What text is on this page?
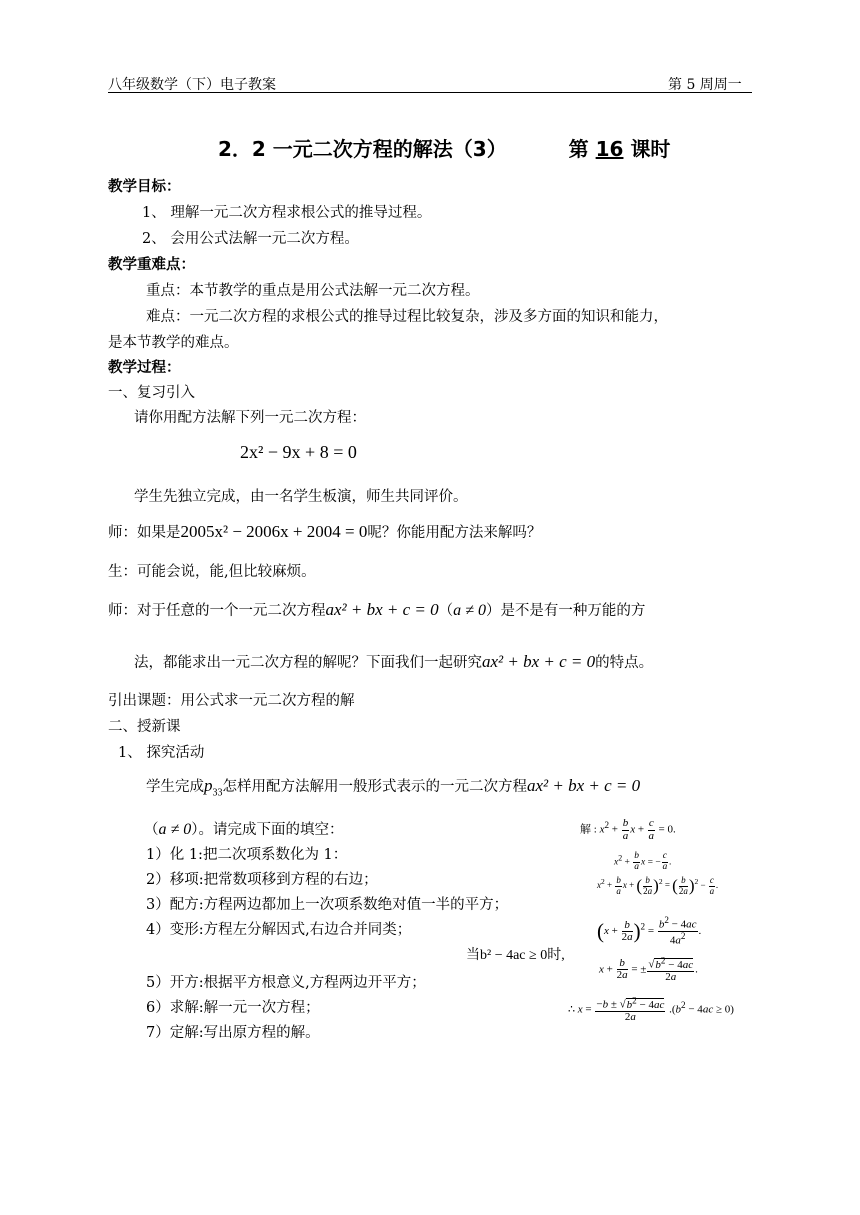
八年级数学（下）电子教案	第 5 周周一
2．2 一元二次方程的解法（3）	第 16 课时
教学目标：
1、 理解一元二次方程求根公式的推导过程。
2、 会用公式法解一元二次方程。
教学重难点：
重点：本节教学的重点是用公式法解一元二次方程。
难点：一元二次方程的求根公式的推导过程比较复杂，涉及多方面的知识和能力，
是本节教学的难点。
教学过程：
一、复习引入
请你用配方法解下列一元二次方程：
2x² − 9x + 8 = 0
学生先独立完成，由一名学生板演，师生共同评价。
师：如果是2005x² − 2006x + 2004 = 0呢？你能用配方法来解吗？
生：可能会说，能,但比较麻烦。
师：对于任意的一个一元二次方程ax² + bx + c = 0（a ≠ 0）是不是有一种万能的方
法，都能求出一元二次方程的解呢？下面我们一起研究ax² + bx + c = 0的特点。
引出课题：用公式求一元二次方程的解
二、授新课
1、 探究活动
学生完成$p_{33}$怎样用配方法解用一般形式表示的一元二次方程ax² + bx + c = 0
（a ≠ 0）。请完成下面的填空：
1）化 1:把二次项系数化为 1：
2）移项:把常数项移到方程的右边；
3）配方:方程两边都加上一次项系数绝对值一半的平方；
4）变形:方程左分解因式,右边合并同类；
当b² − 4ac ≥ 0时,
5）开方:根据平方根意义,方程两边开平方；
6）求解:解一元一次方程；
7）定解:写出原方程的解。
解 : $x^2 + \frac{b}{a}$ $x + \frac{c}{a} = 0$.
$x^2 + \frac{b}{a}$ x = − $\frac{c}{a}$ .
$x^2 + \frac{b}{a}$ x + ( $\frac{b}{2a} )^2$ = ( $\frac{b}{2a} )^2 - \frac{c}{a}$ .
$(x + \frac{b}{2a} )^2 = \frac{b^2 - 4ac}{4a^2}$ .
$x + \frac{b}{2a}$ = ± $\frac{√b^2 - 4ac}{2a}$ .
∴ $x = \frac{-b \pm √b^2 - 4ac}{2a} .(b^2 - 4ac \ge 0)$
